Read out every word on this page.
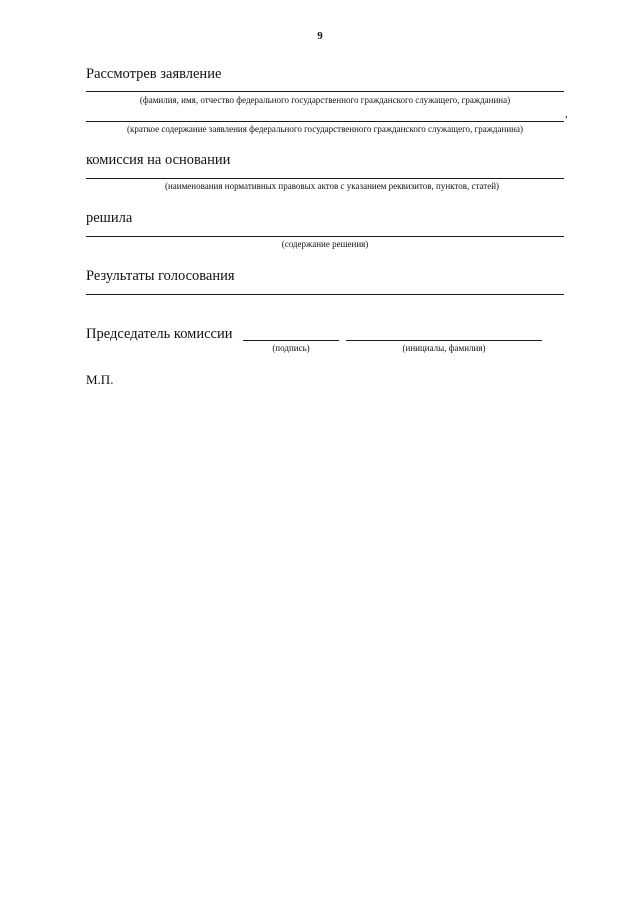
9
Рассмотрев заявление
(фамилия, имя, отчество федерального государственного гражданского служащего, гражданина)
,
(краткое содержание заявления федерального государственного гражданского служащего, гражданина)
комиссия на основании
(наименования нормативных правовых актов с указанием реквизитов, пунктов, статей)
решила
(содержание решения)
Результаты голосования
Председатель комиссии
(подпись)	(инициалы, фамилия)
М.П.
